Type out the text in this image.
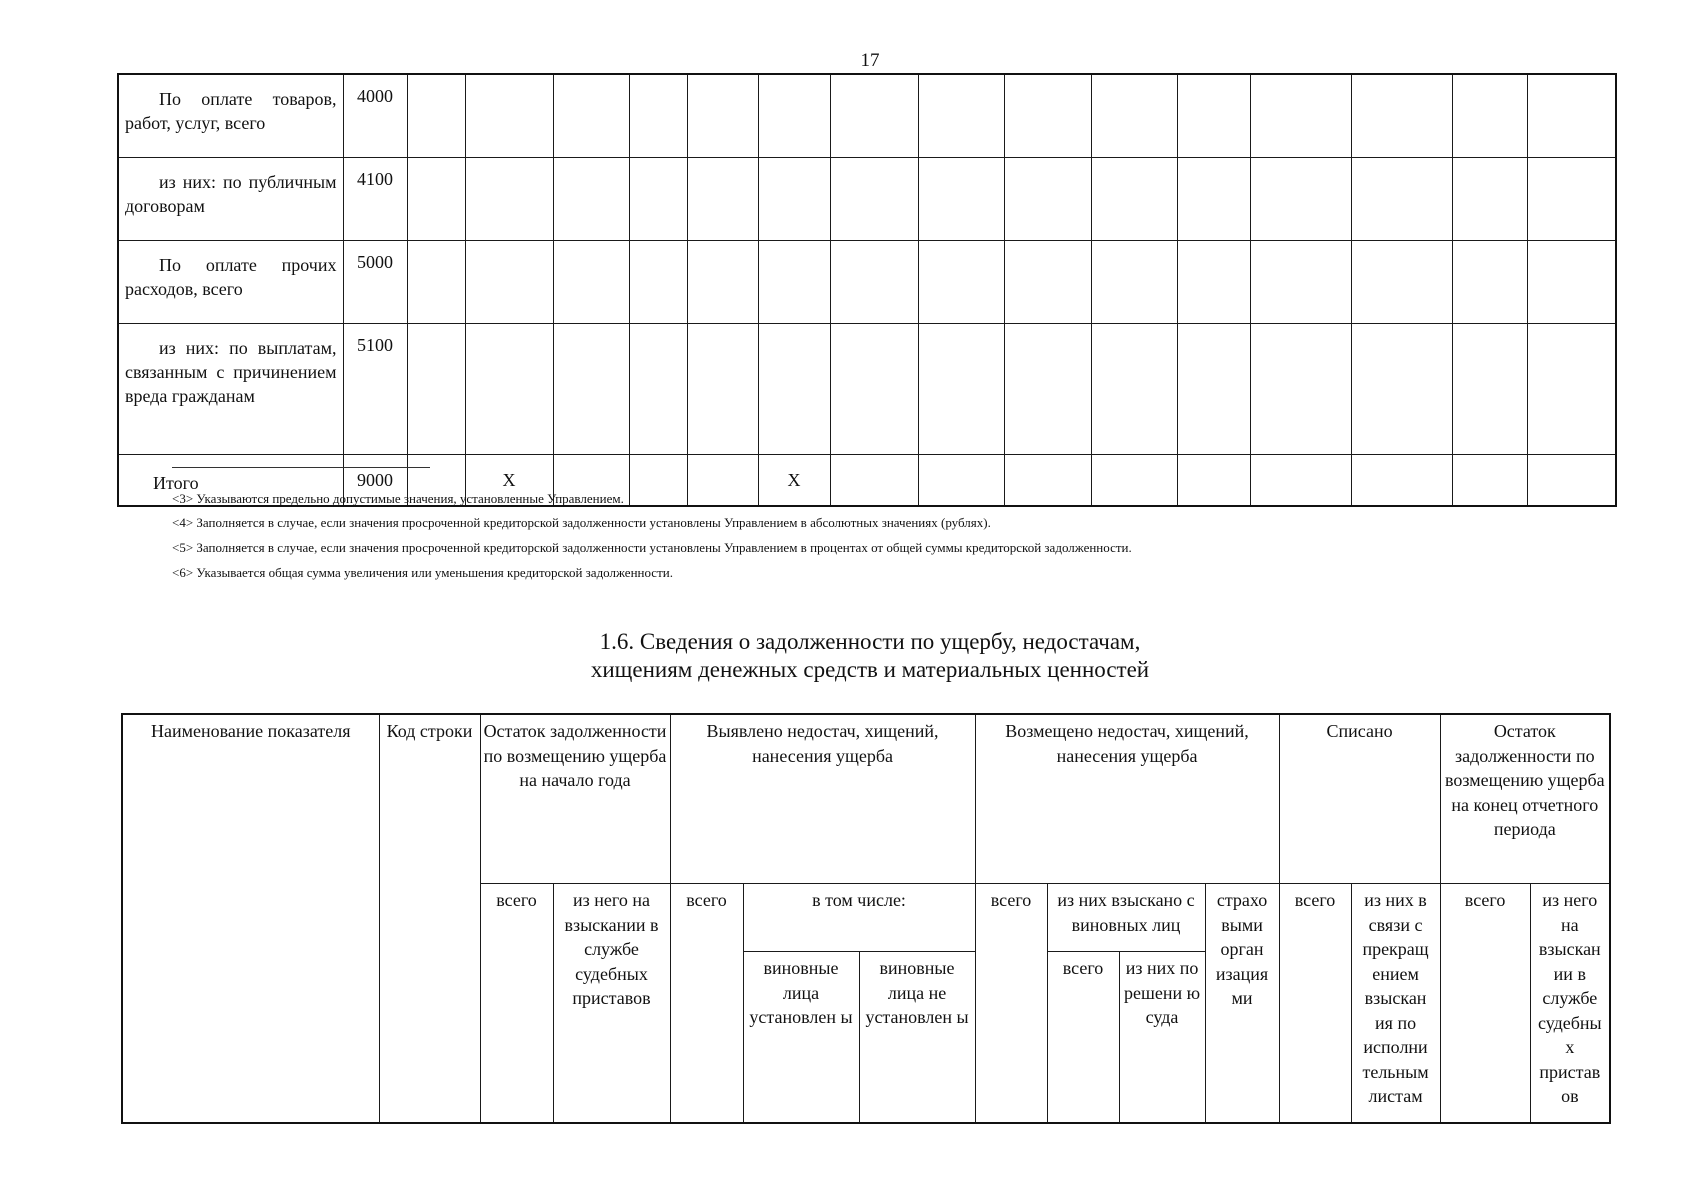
17
По оплате товаров, работ, услуг, всего	4000															
из них: по публичным договорам	4100															
По оплате прочих расходов, всего	5000															
из них: по выплатам, связанным с причинением вреда гражданам	5100															
Итого	9000		X				X									
<3> Указываются предельно допустимые значения, установленные Управлением.
<4> Заполняется в случае, если значения просроченной кредиторской задолженности установлены Управлением в абсолютных значениях (рублях).
<5> Заполняется в случае, если значения просроченной кредиторской задолженности установлены Управлением в процентах от общей суммы кредиторской задолженности.
<6> Указывается общая сумма увеличения или уменьшения кредиторской задолженности.
1.6. Сведения о задолженности по ущербу, недостачам,
хищениям денежных средств и материальных ценностей
Наименование показателя	Код строки	Остаток задолженности по возмещению ущерба на начало года		Выявлено недостач, хищений, нанесения ущерба			Возмещено недостач, хищений, нанесения ущерба				Списано		Остаток задолженности по возмещению ущерба на конец отчетного периода	
		всего	из него на взыскании в службе судебных приставов	всего	в том числе:		всего	из них взыскано с виновных лиц		страхо выми орган изация ми	всего	из них в связи с прекращ ением взыскан ия по исполни тельным листам	всего	из него на взыскан ии в службе судебны х пристав ов
					виновные лица установлен ы	виновные лица не установлен ы		всего	из них по решени ю суда					
